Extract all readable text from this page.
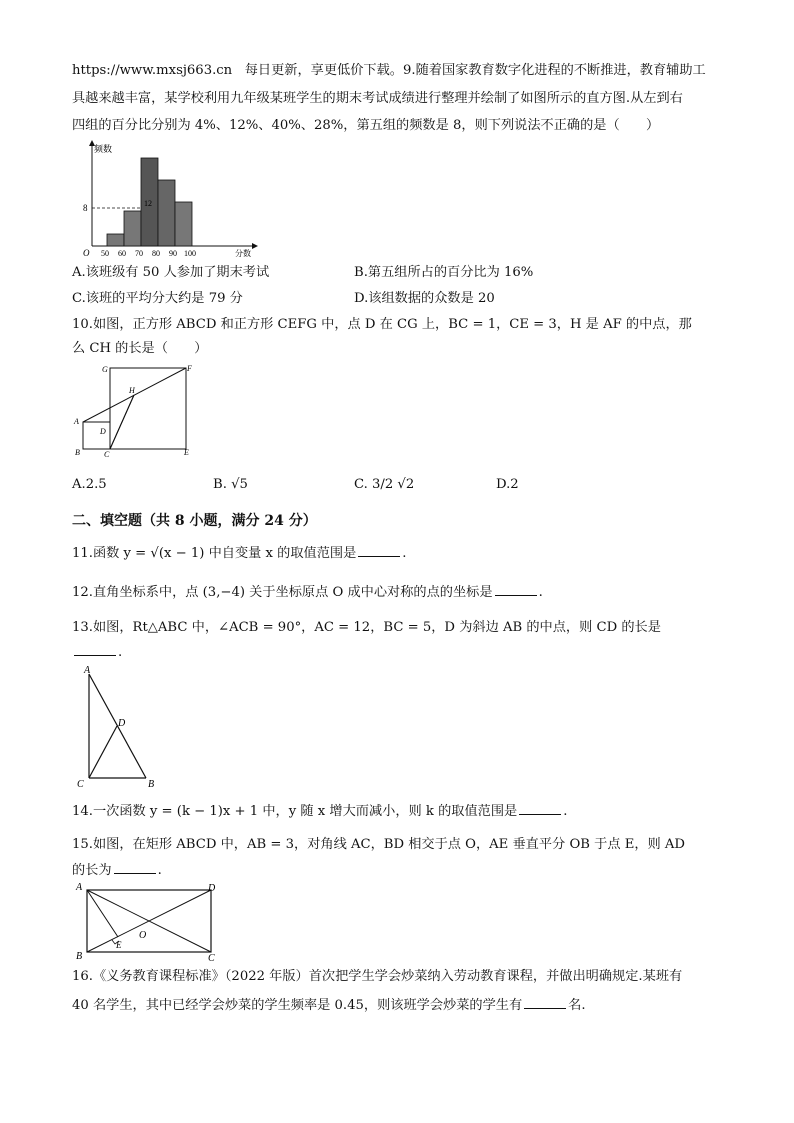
https://www.mxsj663.cn 每日更新，享更低价下载。9.随着国家教育数字化进程的不断推进，教育辅助工
具越来越丰富，某学校利用九年级某班学生的期末考试成绩进行整理并绘制了如图所示的直方图.从左到右
四组的百分比分别为 4%、12%、40%、28%，第五组的频数是 8，则下列说法不正确的是（　　）
频数
分数
O
8	12
50 60 70 80 90 100
A.该班级有 50 人参加了期末考试	B.第五组所占的百分比为 16%
C.该班的平均分大约是 79 分	D.该组数据的众数是 20
10.如图，正方形 ABCD 和正方形 CEFG 中，点 D 在 CG 上，BC = 1，CE = 3，H 是 AF 的中点，那
么 CH 的长是（　　）
G	F
H
A
D
B	C	E
A.2.5	B. √5	C. 3/2 √2	D.2
二、填空题（共 8 小题，满分 24 分）
11.函数 y = √(x − 1) 中自变量 x 的取值范围是	.
12.直角坐标系中，点 (3,−4) 关于坐标原点 O 成中心对称的点的坐标是	.
13.如图，Rt△ABC 中，∠ACB = 90°，AC = 12，BC = 5，D 为斜边 AB 的中点，则 CD 的长是
.
A
D
C	B
14.一次函数 y = (k − 1)x + 1 中，y 随 x 增大而减小，则 k 的取值范围是	.
15.如图，在矩形 ABCD 中，AB = 3，对角线 AC，BD 相交于点 O，AE 垂直平分 OB 于点 E，则 AD
的长为	.
A	D
B	C
E
O
16.《义务教育课程标准》（2022 年版）首次把学生学会炒菜纳入劳动教育课程，并做出明确规定.某班有
40 名学生，其中已经学会炒菜的学生频率是 0.45，则该班学会炒菜的学生有	名.
